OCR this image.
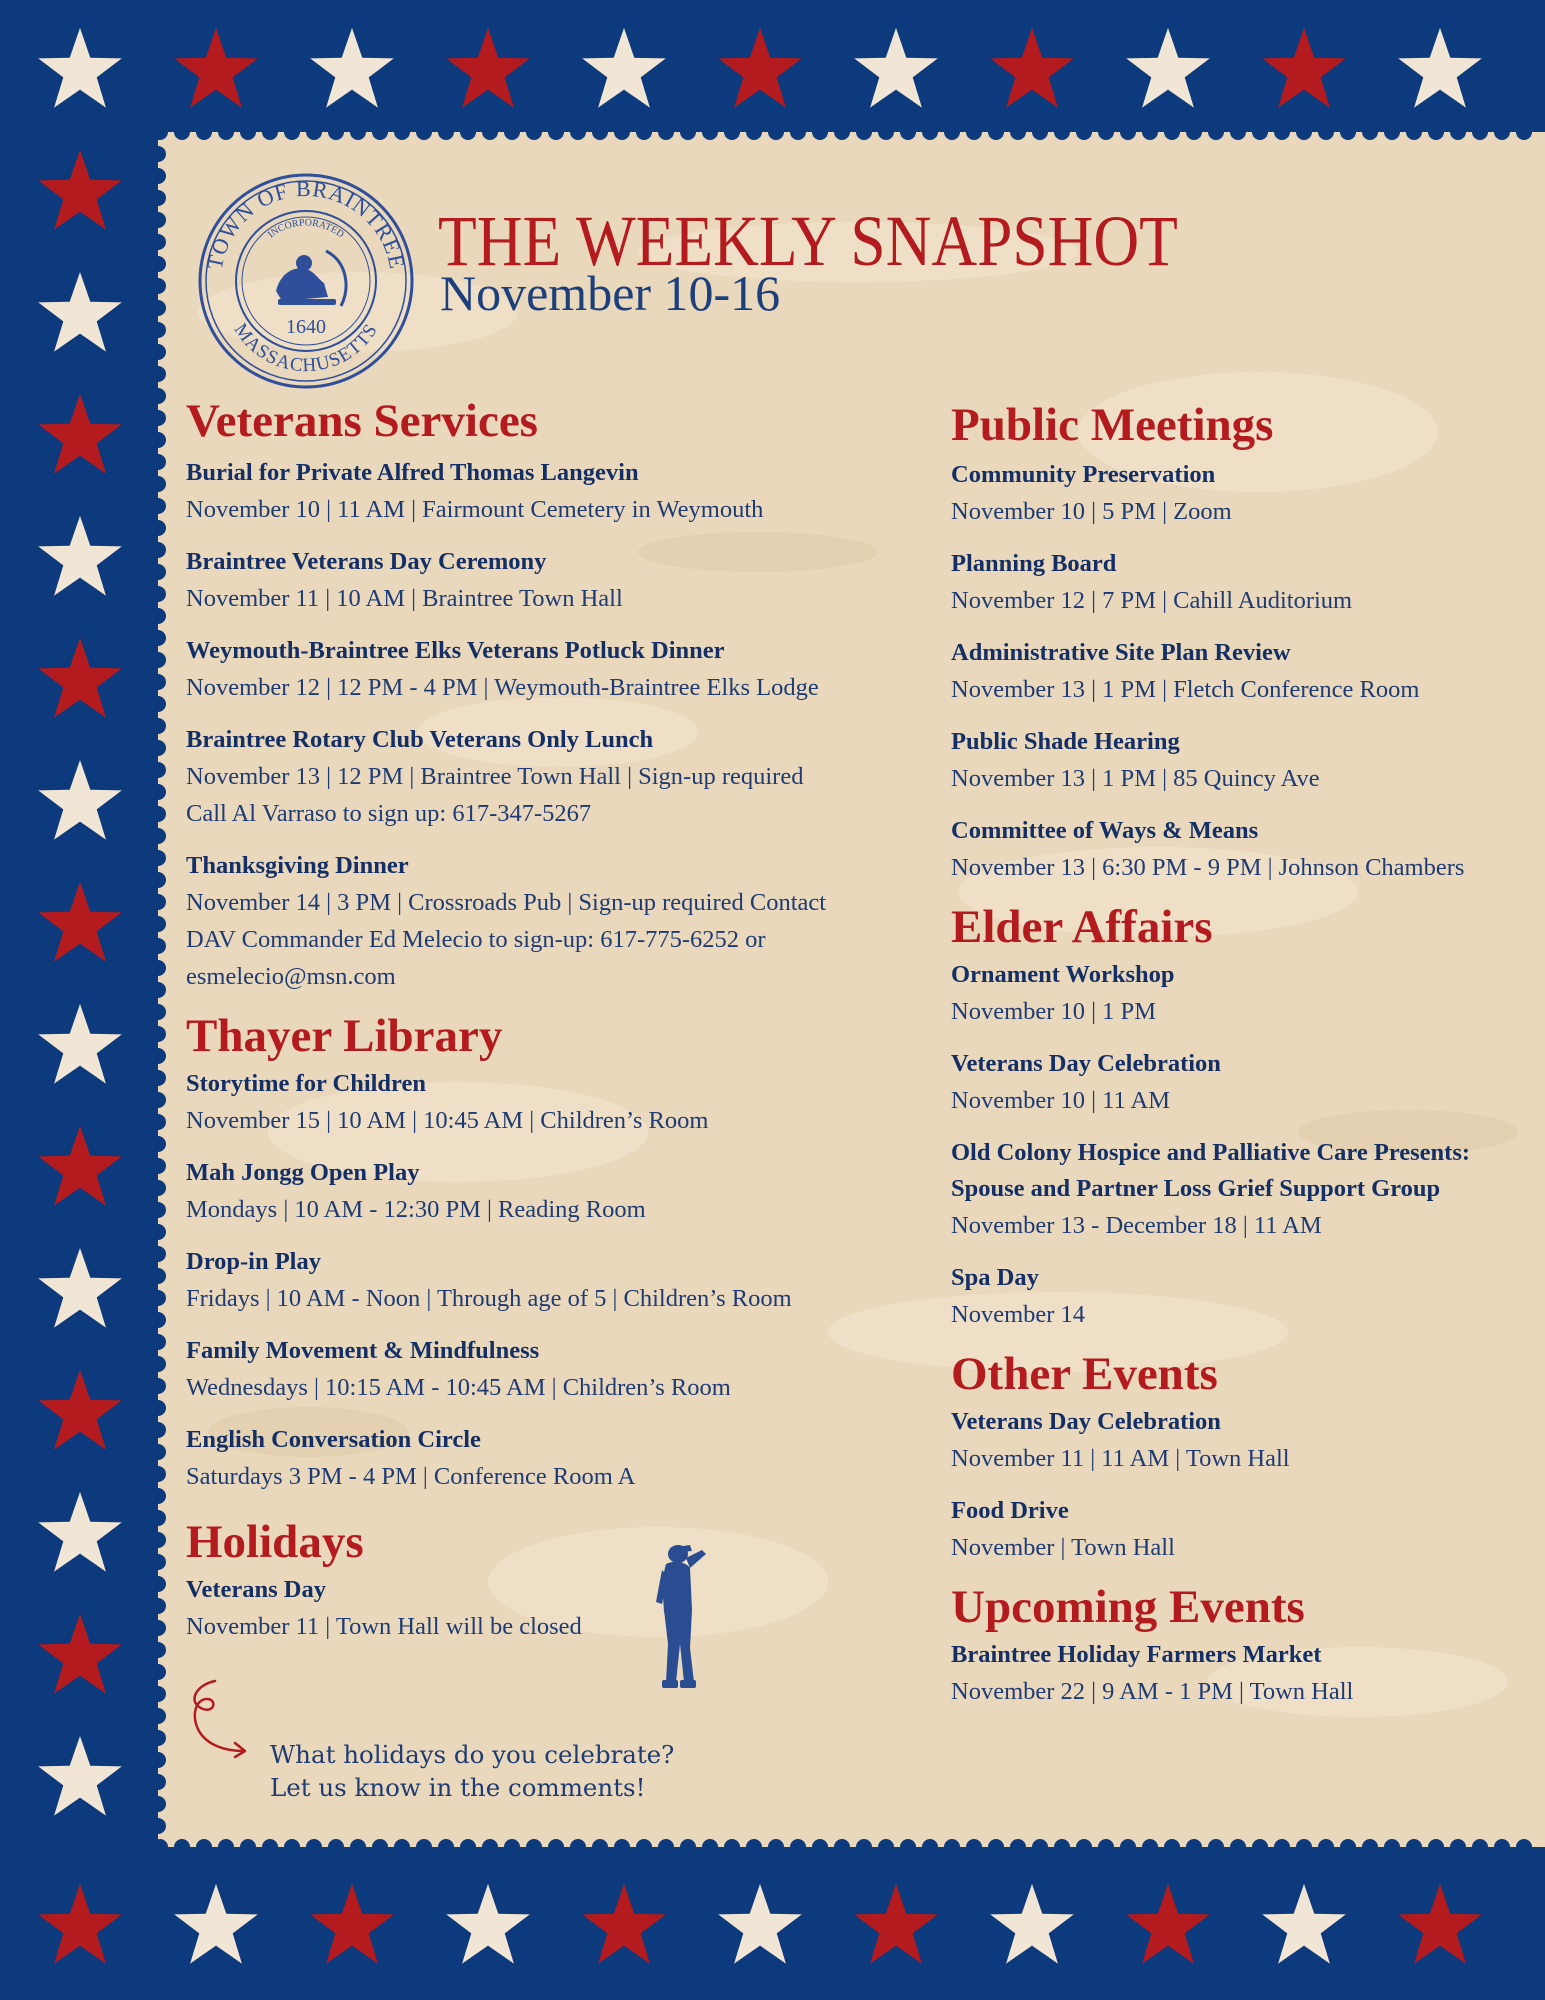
TOWN OF BRAINTREE
MASSACHUSETTS
INCORPORATED
1640
THE WEEKLY SNAPSHOT
November 10-16
Veterans Services
Burial for Private Alfred Thomas Langevin
November 10 | 11 AM | Fairmount Cemetery in Weymouth
Braintree Veterans Day Ceremony
November 11 | 10 AM | Braintree Town Hall
Weymouth-Braintree Elks Veterans Potluck Dinner
November 12 | 12 PM - 4 PM | Weymouth-Braintree Elks Lodge
Braintree Rotary Club Veterans Only Lunch
November 13 | 12 PM | Braintree Town Hall | Sign-up required
Call Al Varraso to sign up: 617-347-5267
Thanksgiving Dinner
November 14 | 3 PM | Crossroads Pub | Sign-up required Contact
DAV Commander Ed Melecio to sign-up: 617-775-6252 or
esmelecio@msn.com
Thayer Library
Storytime for Children
November 15 | 10 AM | 10:45 AM | Children’s Room
Mah Jongg Open Play
Mondays | 10 AM - 12:30 PM | Reading Room
Drop-in Play
Fridays | 10 AM - Noon | Through age of 5 | Children’s Room
Family Movement & Mindfulness
Wednesdays | 10:15 AM - 10:45 AM | Children’s Room
English Conversation Circle
Saturdays 3 PM - 4 PM | Conference Room A
Holidays
Veterans Day
November 11 | Town Hall will be closed
Public Meetings
Community Preservation
November 10 | 5 PM | Zoom
Planning Board
November 12 | 7 PM | Cahill Auditorium
Administrative Site Plan Review
November 13 | 1 PM | Fletch Conference Room
Public Shade Hearing
November 13 | 1 PM | 85 Quincy Ave
Committee of Ways & Means
November 13 | 6:30 PM - 9 PM | Johnson Chambers
Elder Affairs
Ornament Workshop
November 10 | 1 PM
Veterans Day Celebration
November 10 | 11 AM
Old Colony Hospice and Palliative Care Presents: Spouse and Partner Loss Grief Support Group
November 13 - December 18 | 11 AM
Spa Day
November 14
Other Events
Veterans Day Celebration
November 11 | 11 AM | Town Hall
Food Drive
November | Town Hall
Upcoming Events
Braintree Holiday Farmers Market
November 22 | 9 AM - 1 PM | Town Hall
What holidays do you celebrate?
Let us know in the comments!
